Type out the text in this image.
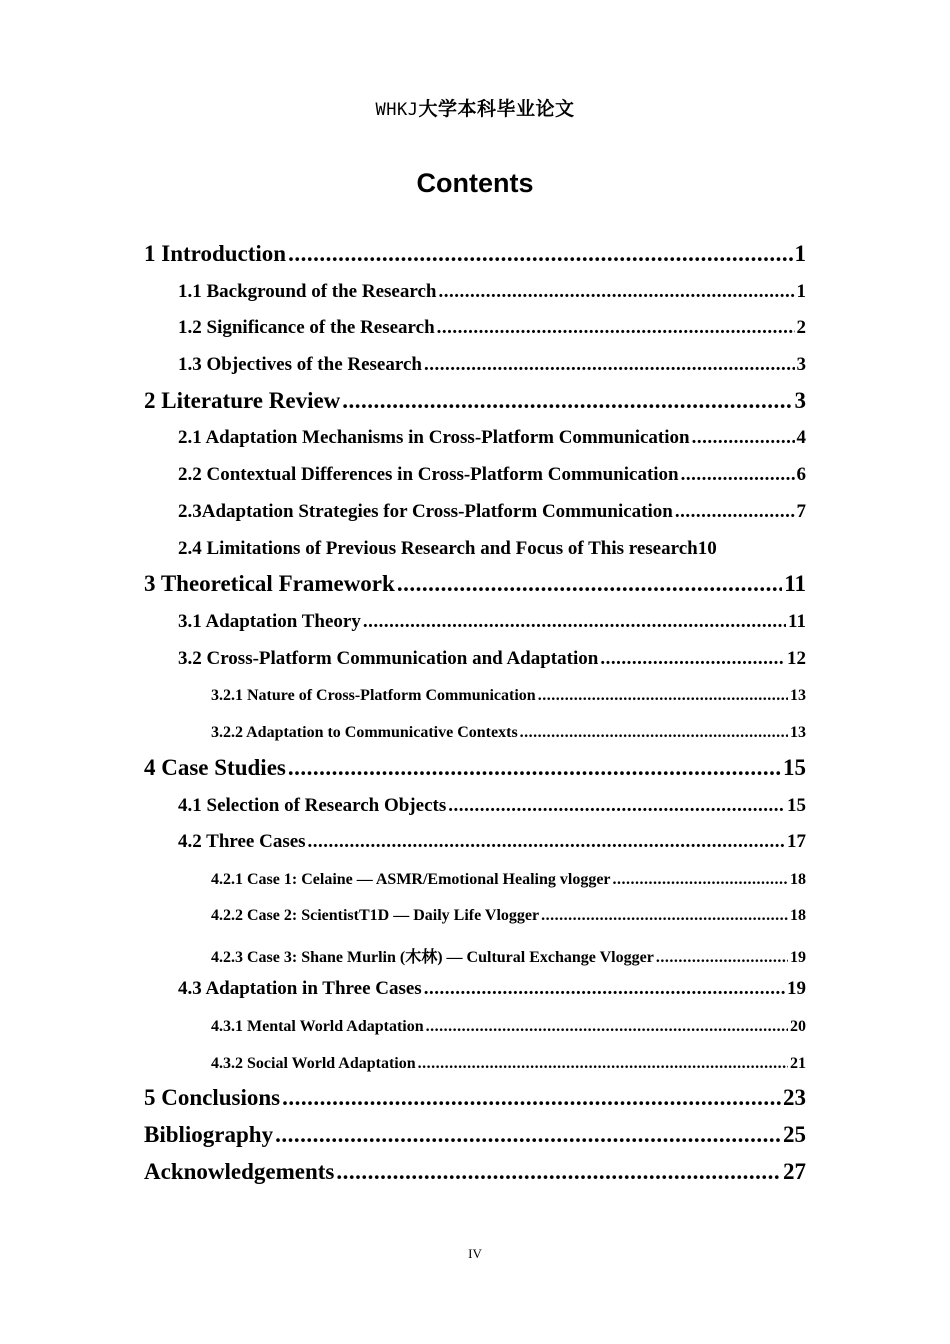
WHKJ大学本科毕业论文
Contents
1 Introduction .....	1
1.1 Background of the Research .....	1
1.2 Significance of the Research .....	2
1.3 Objectives of the Research .....	3
2 Literature Review .....	3
2.1 Adaptation Mechanisms in Cross-Platform Communication .....	4
2.2 Contextual Differences in Cross-Platform Communication .....	6
2.3Adaptation Strategies for Cross-Platform Communication .....	7
2.4 Limitations of Previous Research and Focus of This research 10
3 Theoretical Framework .....	11
3.1 Adaptation Theory .....	11
3.2 Cross-Platform Communication and Adaptation .....	12
3.2.1 Nature of Cross-Platform Communication .....	13
3.2.2 Adaptation to Communicative Contexts .....	13
4 Case Studies .....	15
4.1 Selection of Research Objects .....	15
4.2 Three Cases .....	17
4.2.1 Case 1: Celaine — ASMR/Emotional Healing vlogger .....	18
4.2.2 Case 2: ScientistT1D — Daily Life Vlogger .....	18
4.2.3 Case 3: Shane Murlin (木林) — Cultural Exchange Vlogger .....	19
4.3 Adaptation in Three Cases .....	19
4.3.1 Mental World Adaptation .....	20
4.3.2 Social World Adaptation .....	21
5 Conclusions .....	23
Bibliography .....	25
Acknowledgements .....	27
IV
